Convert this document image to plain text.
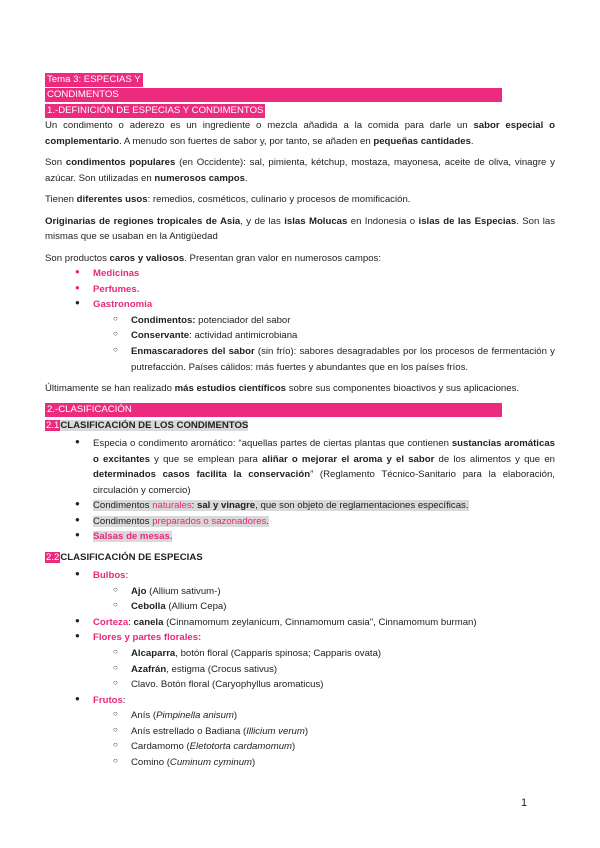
Tema 3: ESPECIAS Y

CONDIMENTOS
1.-DEFINICIÓN DE ESPECIAS Y CONDIMENTOS

Un condimento o aderezo es un ingrediente o mezcla añadida a la comida para darle un sabor especial o complementario. A menudo son fuertes de sabor y, por tanto, se añaden en pequeñas cantidades.

Son condimentos populares (en Occidente): sal, pimienta, kétchup, mostaza, mayonesa, aceite de oliva, vinagre y azúcar. Son utilizadas en numerosos campos.

Tienen diferentes usos: remedios, cosméticos, culinario y procesos de momificación.

Originarias de regiones tropicales de Asia, y de las islas Molucas en Indonesia o islas de las Especias. Son las mismas que se usaban en la Antigüedad

Son productos caros y valiosos. Presentan gran valor en numerosos campos:

● Medicinas
● Perfumes.
● Gastronomía
○ Condimentos: potenciador del sabor
○ Conservante: actividad antimicrobiana
○ Enmascaradores del sabor (sin frío): sabores desagradables por los procesos de fermentación y putrefacción. Países cálidos: más fuertes y abundantes que en los países fríos.

Últimamente se han realizado más estudios científicos sobre sus componentes bioactivos y sus aplicaciones.

2.-CLASIFICACIÓN
2.1CLASIFICACIÓN DE LOS CONDIMENTOS
● Especia o condimento aromático: “aquellas partes de ciertas plantas que contienen sustancias aromáticas o excitantes y que se emplean para aliñar o mejorar el aroma y el sabor de los alimentos y que en determinados casos facilita la conservación” (Reglamento Técnico-Sanitario para la elaboración, circulación y comercio)
● Condimentos naturales: sal y vinagre, que son objeto de reglamentaciones específicas.
● Condimentos preparados o sazonadores.
● Salsas de mesas.
2.2CLASIFICACIÓN DE ESPECIAS
● Bulbos:
○ Ajo (Allium sativum-)
○ Cebolla (Allium Cepa)
● Corteza: canela (Cinnamomum zeylanicum, Cinnamomum casia", Cinnamomum burman)
● Flores y partes florales:
○ Alcaparra, botón floral (Capparis spinosa; Capparis ovata)
○ Azafrán, estigma (Crocus sativus)
○ Clavo. Botón floral (Caryophyllus aromaticus)
● Frutos:
○ Anís (Pimpinella anisum)
○ Anís estrellado o Badiana (Illicium verum)
○ Cardamomo (Eletotorta cardamomum)
○ Comino (Cuminum cyminum)
1
